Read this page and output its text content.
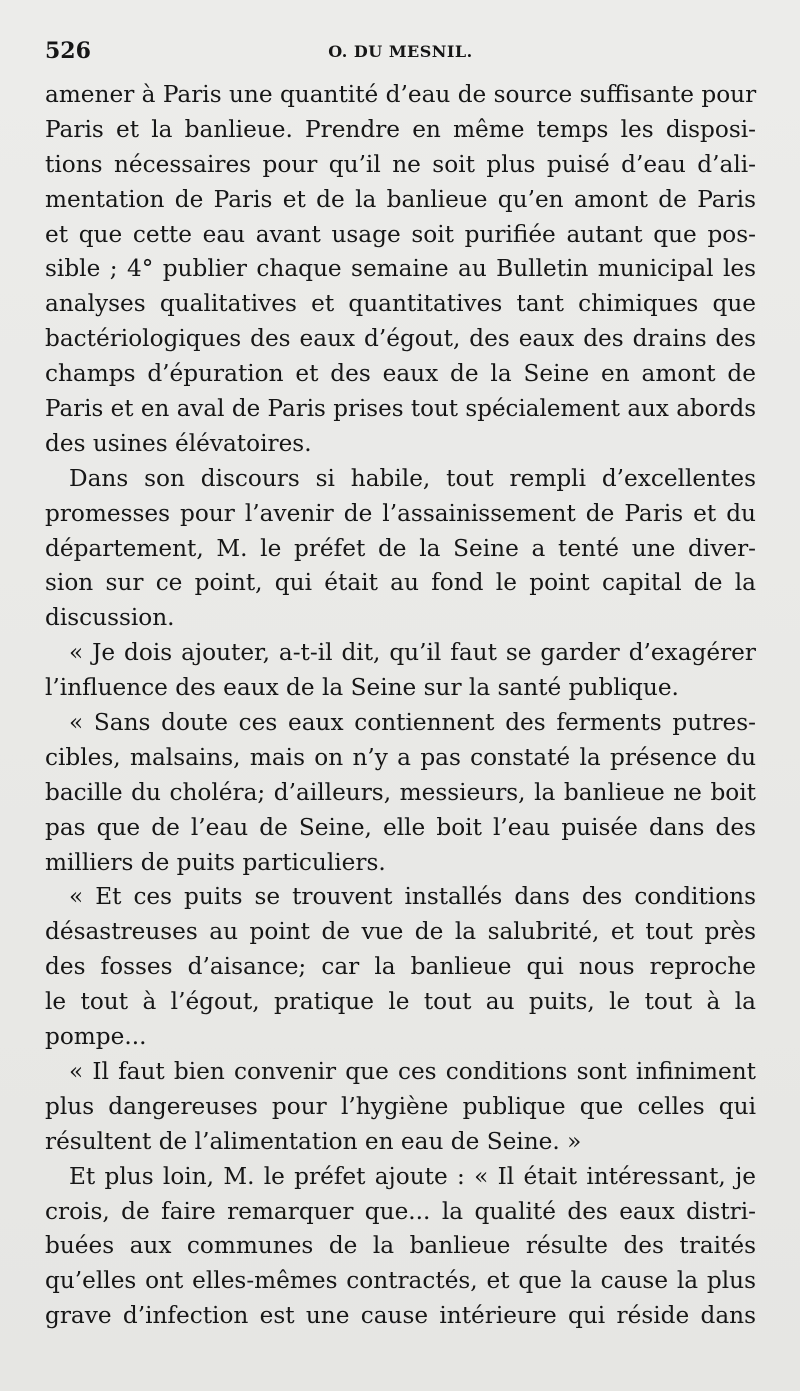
526	O. DU MESNIL.
amener à Paris une quantité d’eau de source suffisante pour
Paris et la banlieue. Prendre en même temps les disposi-
tions nécessaires pour qu’il ne soit plus puisé d’eau d’ali-
mentation de Paris et de la banlieue qu’en amont de Paris
et que cette eau avant usage soit purifiée autant que pos-
sible ; 4° publier chaque semaine au Bulletin municipal les
analyses qualitatives et quantitatives tant chimiques que
bactériologiques des eaux d’égout, des eaux des drains des
champs d’épuration et des eaux de la Seine en amont de
Paris et en aval de Paris prises tout spécialement aux abords
des usines élévatoires.
Dans son discours si habile, tout rempli d’excellentes
promesses pour l’avenir de l’assainissement de Paris et du
département, M. le préfet de la Seine a tenté une diver-
sion sur ce point, qui était au fond le point capital de la
discussion.
« Je dois ajouter, a-t-il dit, qu’il faut se garder d’exagérer
l’influence des eaux de la Seine sur la santé publique.
« Sans doute ces eaux contiennent des ferments putres-
cibles, malsains, mais on n’y a pas constaté la présence du
bacille du choléra; d’ailleurs, messieurs, la banlieue ne boit
pas que de l’eau de Seine, elle boit l’eau puisée dans des
milliers de puits particuliers.
« Et ces puits se trouvent installés dans des conditions
désastreuses au point de vue de la salubrité, et tout près
des fosses d’aisance; car la banlieue qui nous reproche
le tout à l’égout, pratique le tout au puits, le tout à la
pompe...
« Il faut bien convenir que ces conditions sont infiniment
plus dangereuses pour l’hygiène publique que celles qui
résultent de l’alimentation en eau de Seine. »
Et plus loin, M. le préfet ajoute : « Il était intéressant, je
crois, de faire remarquer que... la qualité des eaux distri-
buées aux communes de la banlieue résulte des traités
qu’elles ont elles-mêmes contractés, et que la cause la plus
grave d’infection est une cause intérieure qui réside dans
